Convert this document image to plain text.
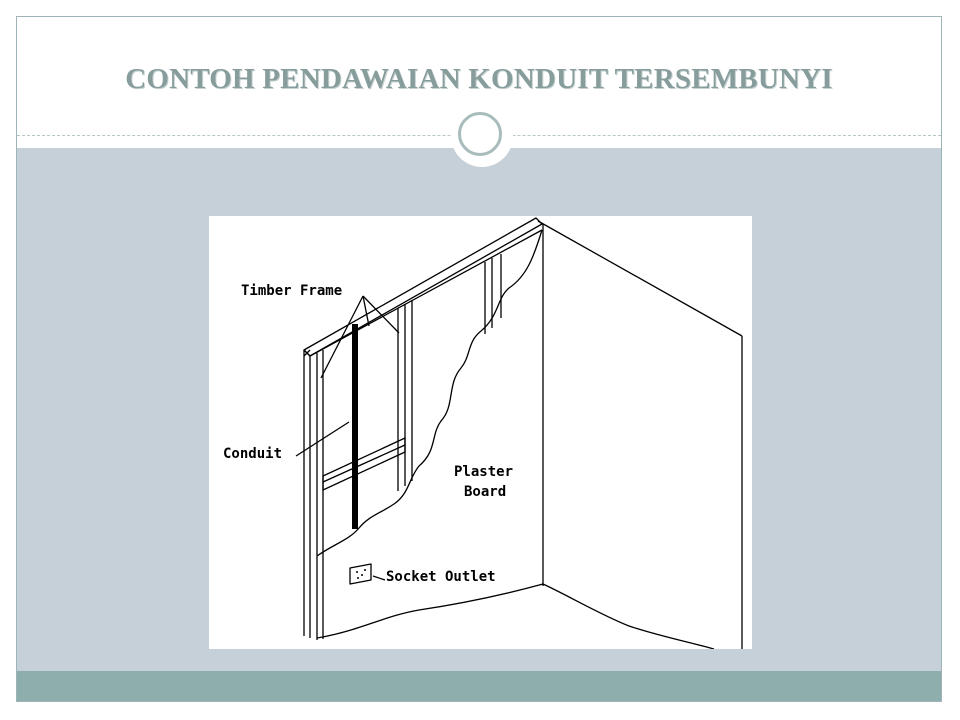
CONTOH PENDAWAIAN KONDUIT TERSEMBUNYI
Timber Frame
Conduit
Plaster
Board
Socket Outlet
